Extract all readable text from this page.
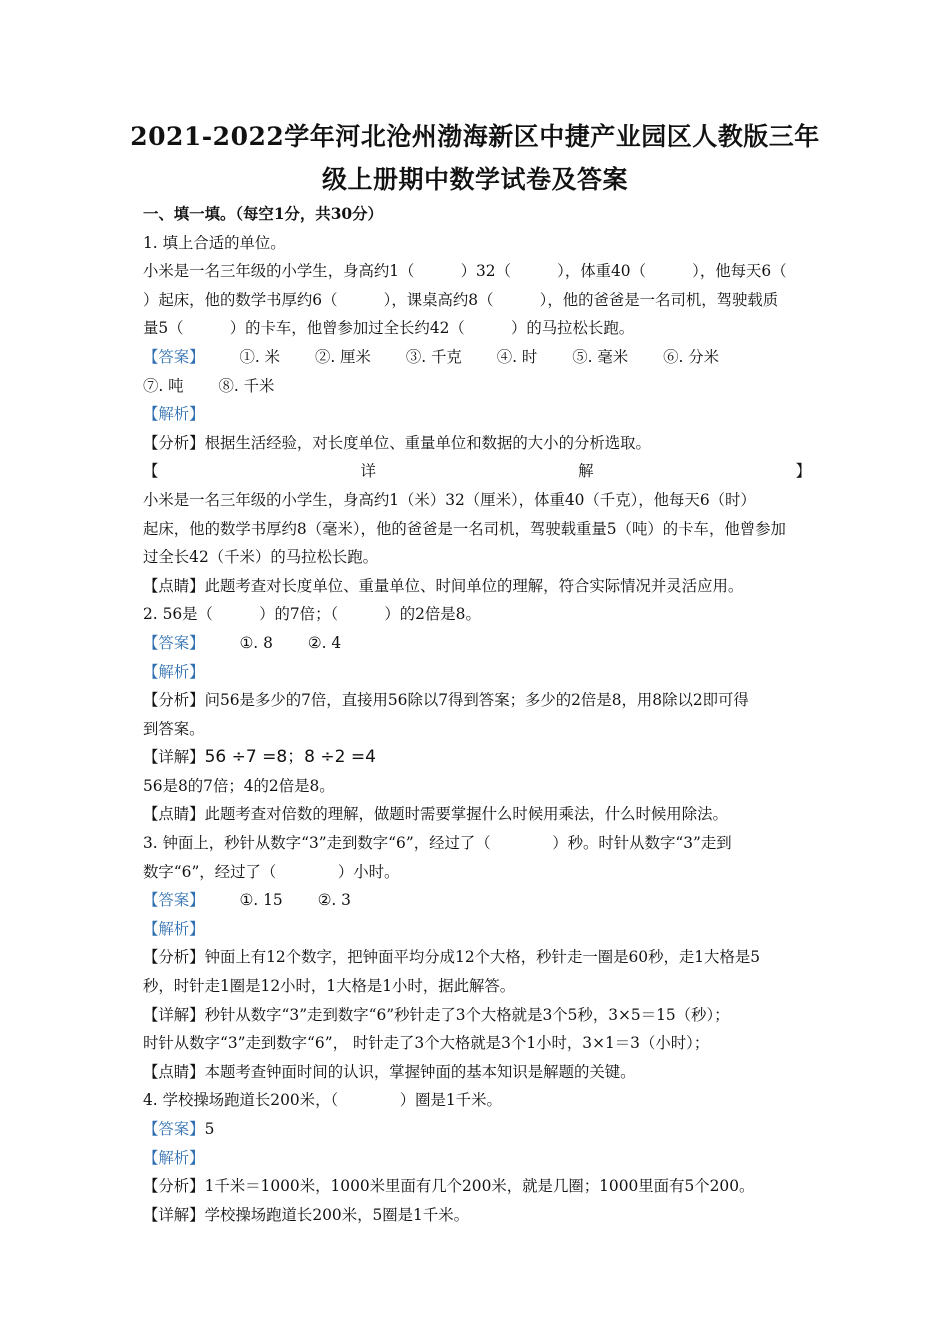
2021-2022学年河北沧州渤海新区中捷产业园区人教版三年
级上册期中数学试卷及答案

一、填一填。（每空1分，共30分）

1. 填上合适的单位。

小米是一名三年级的小学生，身高约1（　　　）32（　　　），体重40（　　　），他每天6（

）起床，他的数学书厚约6（　　　），课桌高约8（　　　），他的爸爸是一名司机，驾驶载质

量5（　　　）的卡车，他曾参加过全长约42（　　　）的马拉松长跑。

【答案】 ①. 米 ②. 厘米 ③. 千克 ④. 时 ⑤. 毫米 ⑥. 分米

⑦. 吨 ⑧. 千米

【解析】

【分析】根据生活经验，对长度单位、重量单位和数据的大小的分析选取。

【详解】小米是一名三年级的小学生，身高约1（米）32（厘米），体重40（千克），他每天6（时）

起床，他的数学书厚约8（毫米），他的爸爸是一名司机，驾驶载重量5（吨）的卡车，他曾参加

过全长42（千米）的马拉松长跑。

【点睛】此题考查对长度单位、重量单位、时间单位的理解，符合实际情况并灵活应用。

2. 56是（　　　）的7倍；（　　　）的2倍是8。

【答案】 ①. 8 ②. 4

【解析】

【分析】问56是多少的7倍，直接用56除以7得到答案；多少的2倍是8，用8除以2即可得

到答案。

【详解】56 ÷7 =8；8 ÷2 =4

56是8的7倍；4的2倍是8。

【点睛】此题考查对倍数的理解，做题时需要掌握什么时候用乘法，什么时候用除法。

3. 钟面上，秒针从数字“3”走到数字“6”，经过了（　　　　）秒。时针从数字“3”走到

数字“6”，经过了（　　　　）小时。

【答案】 ①. 15 ②. 3

【解析】

【分析】钟面上有12个数字，把钟面平均分成12个大格，秒针走一圈是60秒，走1大格是5

秒，时针走1圈是12小时，1大格是1小时，据此解答。

【详解】秒针从数字“3”走到数字“6”秒针走了3个大格就是3个5秒，3×5＝15（秒）；

时针从数字“3”走到数字“6”， 时针走了3个大格就是3个1小时，3×1＝3（小时）；

【点睛】本题考查钟面时间的认识，掌握钟面的基本知识是解题的关键。

4. 学校操场跑道长200米，（　　　　）圈是1千米。

【答案】5

【解析】

【分析】1千米＝1000米，1000米里面有几个200米，就是几圈；1000里面有5个200。

【详解】学校操场跑道长200米，5圈是1千米。
